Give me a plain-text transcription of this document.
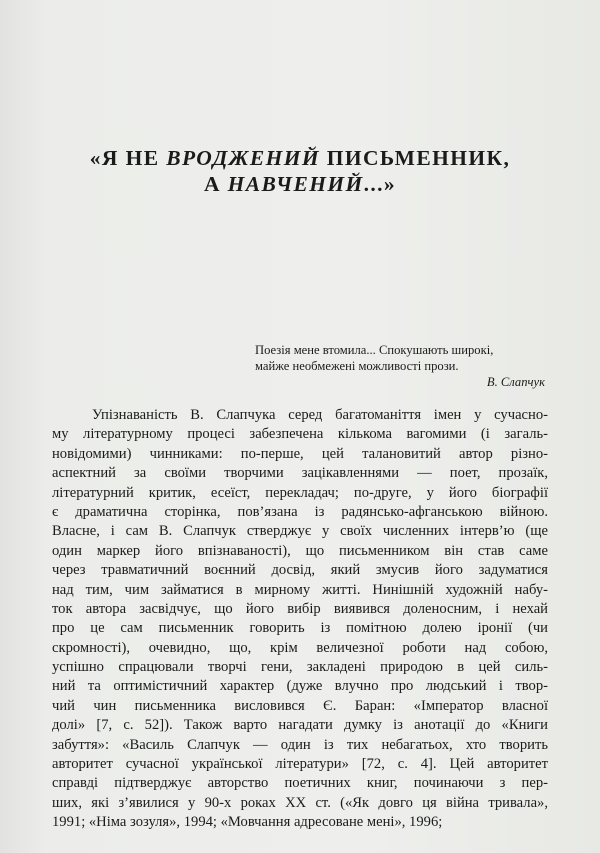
«Я НЕ ВРОДЖЕНИЙ ПИСЬМЕННИК,
А НАВЧЕНИЙ...»
Поезія мене втомила... Спокушають широкі,
майже необмежені можливості прози.
В. Слапчук
Упізнаваність В. Слапчука серед багатоманіття імен у сучасно-
му літературному процесі забезпечена кількома вагомими (і загаль-
новідомими) чинниками: по-перше, цей талановитий автор різно-
аспектний за своїми творчими зацікавленнями — поет, прозаїк,
літературний критик, есеїст, перекладач; по-друге, у його біографії
є драматична сторінка, пов’язана із радянсько-афганською війною.
Власне, і сам В. Слапчук стверджує у своїх численних інтерв’ю (ще
один маркер його впізнаваності), що письменником він став саме
через травматичний воєнний досвід, який змусив його задуматися
над тим, чим займатися в мирному житті. Нинішній художній набу-
ток автора засвідчує, що його вибір виявився доленосним, і нехай
про це сам письменник говорить із помітною долею іронії (чи
скромності), очевидно, що, крім величезної роботи над собою,
успішно спрацювали творчі гени, закладені природою в цей силь-
ний та оптимістичний характер (дуже влучно про людський і твор-
чий чин письменника висловився Є. Баран: «Імператор власної
долі» [7, с. 52]). Також варто нагадати думку із анотації до «Книги
забуття»: «Василь Слапчук — один із тих небагатьох, хто творить
авторитет сучасної української літератури» [72, с. 4]. Цей авторитет
справді підтверджує авторство поетичних книг, починаючи з пер-
ших, які з’явилися у 90-х роках ХХ ст. («Як довго ця війна тривала»,
1991; «Німа зозуля», 1994; «Мовчання адресоване мені», 1996;
